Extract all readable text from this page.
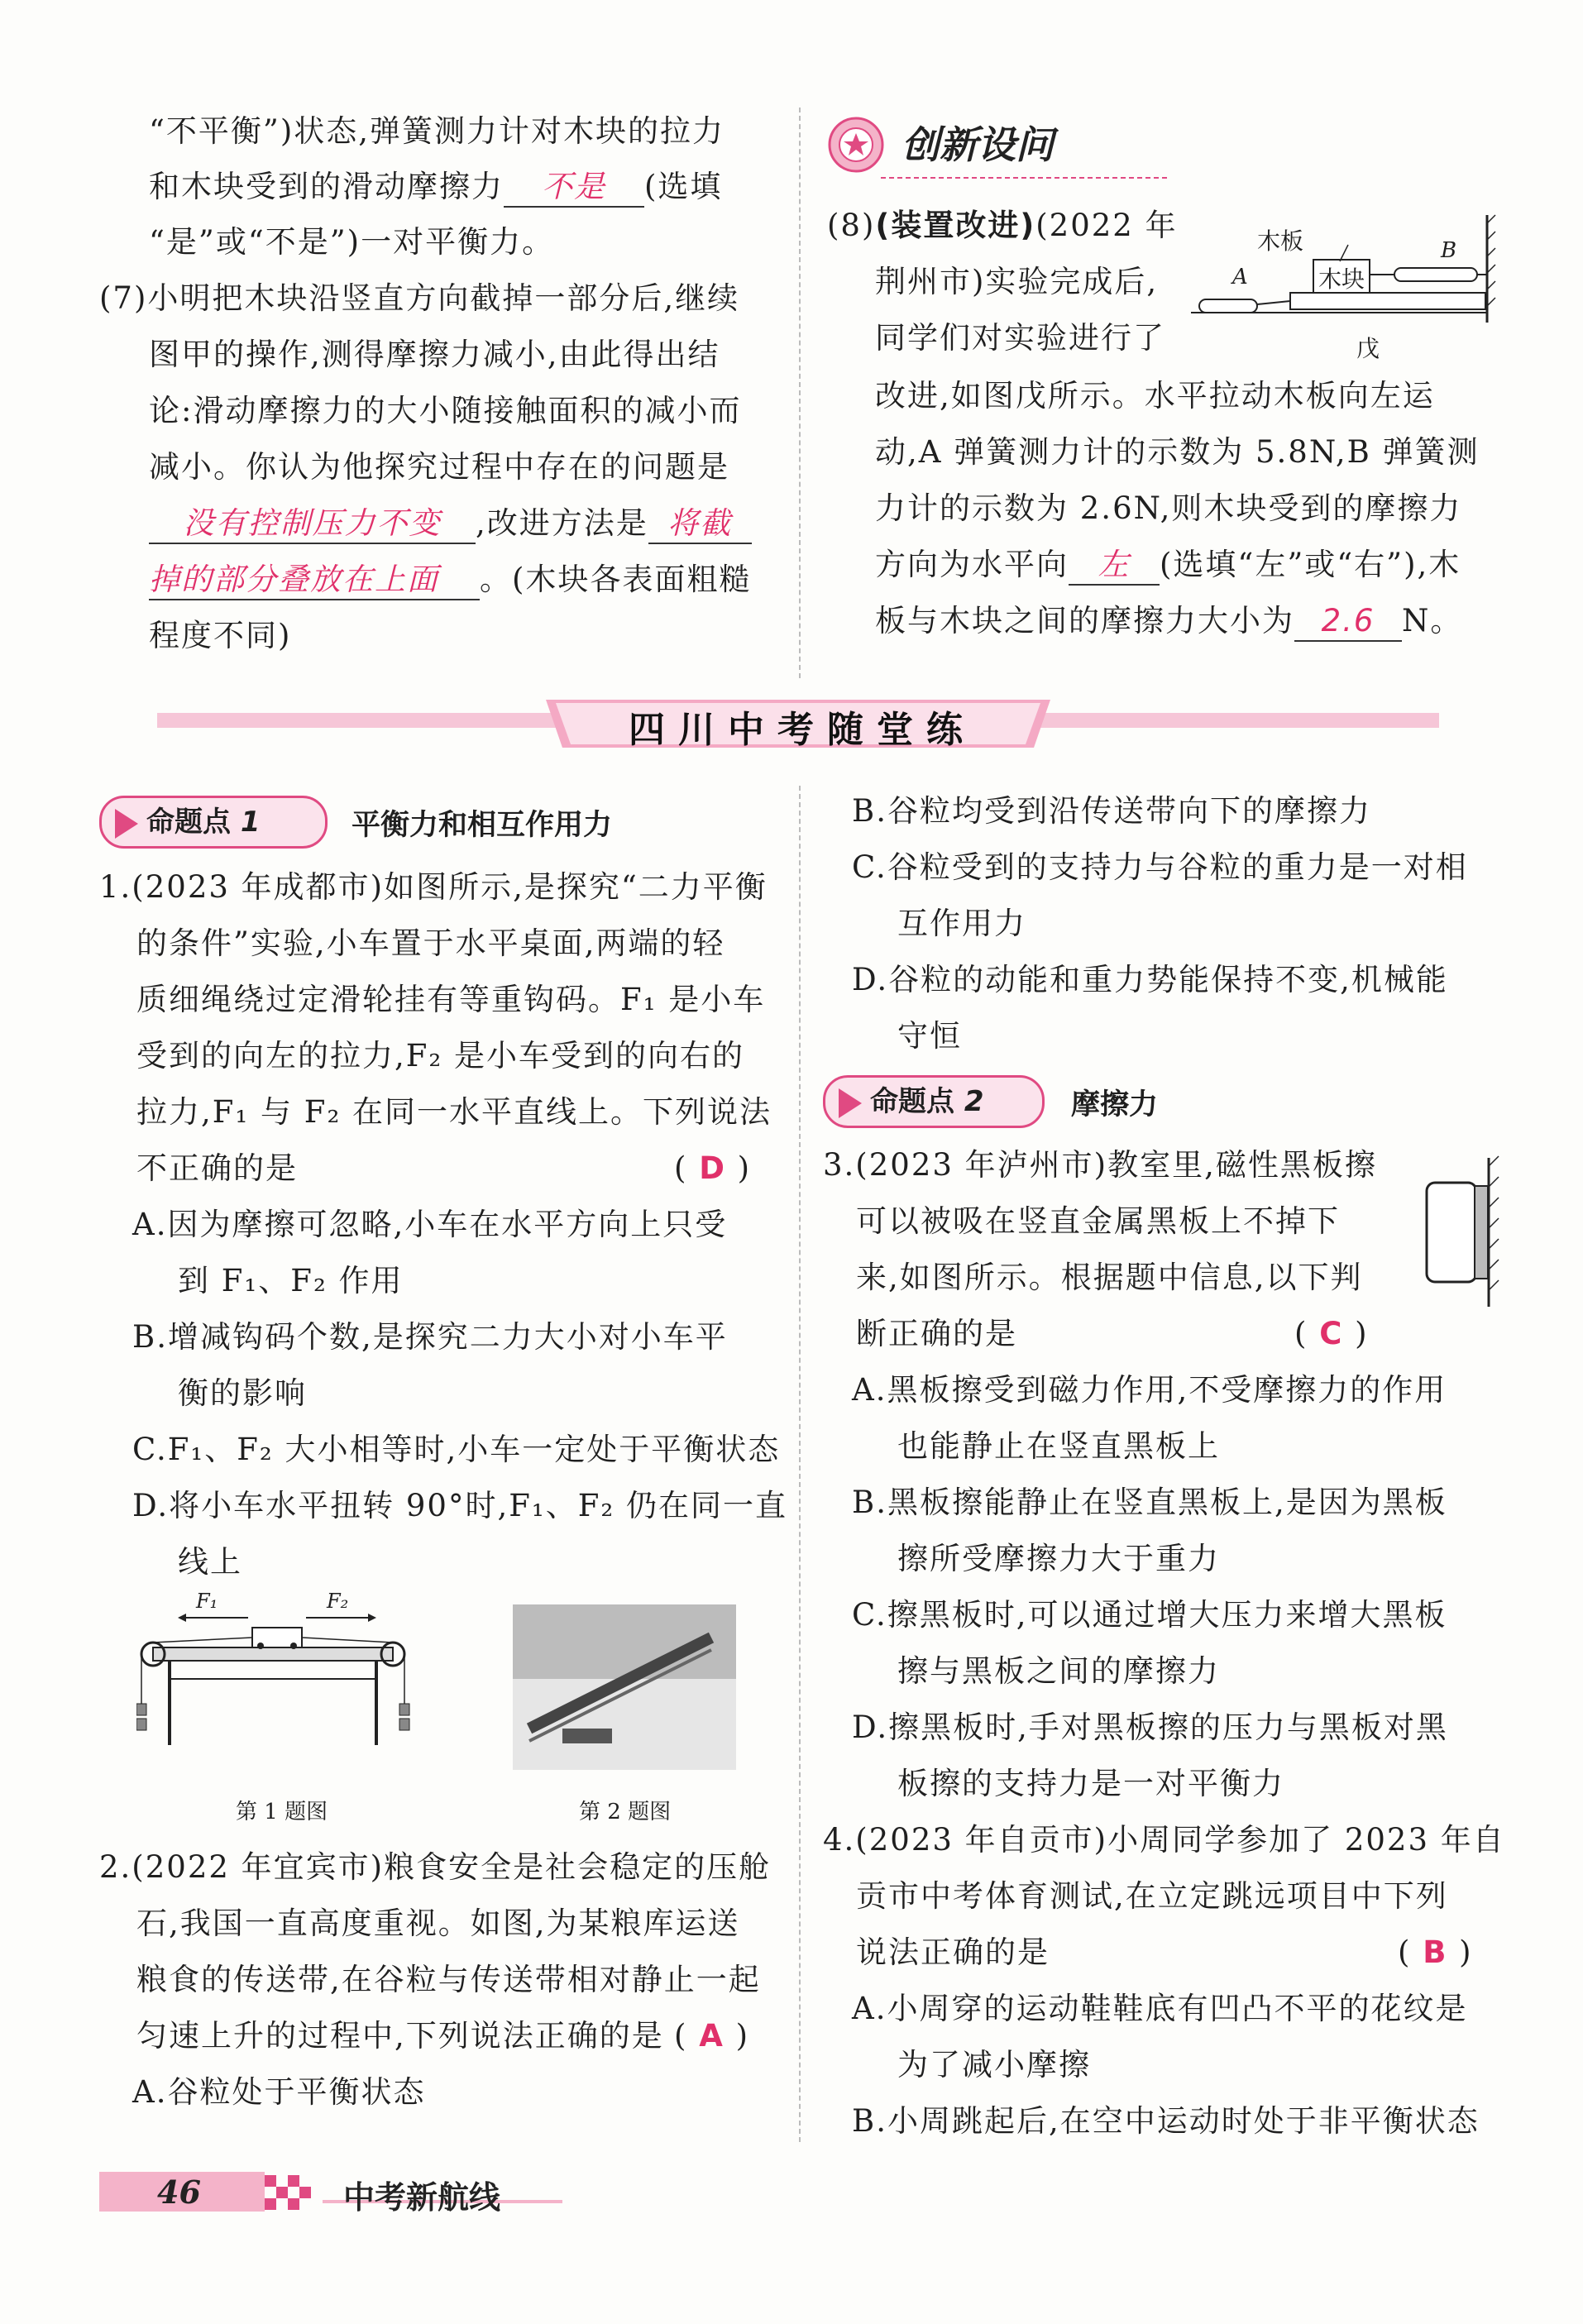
“不平衡”)状态,弹簧测力计对木块的拉力
和木块受到的滑动摩擦力 不是 (选填
“是”或“不是”)一对平衡力。
(7)小明把木块沿竖直方向截掉一部分后,继续
图甲的操作,测得摩擦力减小,由此得出结
论:滑动摩擦力的大小随接触面积的减小而
减小。你认为他探究过程中存在的问题是
没有控制压力不变 ,改进方法是 将截
掉的部分叠放在上面 。(木块各表面粗糙
程度不同)
创新设问
(8)(装置改进)(2022 年
荆州市)实验完成后,
同学们对实验进行了
木板
木块
A
B
戊
改进,如图戊所示。水平拉动木板向左运
动,A 弹簧测力计的示数为 5.8N,B 弹簧测
力计的示数为 2.6N,则木块受到的摩擦力
方向为水平向 左 (选填“左”或“右”),木
板与木块之间的摩擦力大小为 2.6 N。
四川中考随堂练
命题点 1	平衡力和相互作用力
1.(2023 年成都市)如图所示,是探究“二力平衡
的条件”实验,小车置于水平桌面,两端的轻
质细绳绕过定滑轮挂有等重钩码。F₁ 是小车
受到的向左的拉力,F₂ 是小车受到的向右的
拉力,F₁ 与 F₂ 在同一水平直线上。下列说法
不正确的是	( D )
A.因为摩擦可忽略,小车在水平方向上只受
到 F₁、F₂ 作用
B.增减钩码个数,是探究二力大小对小车平
衡的影响
C.F₁、F₂ 大小相等时,小车一定处于平衡状态
D.将小车水平扭转 90°时,F₁、F₂ 仍在同一直
线上
F₁	F₂
第 1 题图	第 2 题图
2.(2022 年宜宾市)粮食安全是社会稳定的压舱
石,我国一直高度重视。如图,为某粮库运送
粮食的传送带,在谷粒与传送带相对静止一起
匀速上升的过程中,下列说法正确的是 ( A )
A.谷粒处于平衡状态
B.谷粒均受到沿传送带向下的摩擦力
C.谷粒受到的支持力与谷粒的重力是一对相
互作用力
D.谷粒的动能和重力势能保持不变,机械能
守恒
命题点 2	摩擦力
3.(2023 年泸州市)教室里,磁性黑板擦
可以被吸在竖直金属黑板上不掉下
来,如图所示。根据题中信息,以下判
断正确的是	( C )
A.黑板擦受到磁力作用,不受摩擦力的作用
也能静止在竖直黑板上
B.黑板擦能静止在竖直黑板上,是因为黑板
擦所受摩擦力大于重力
C.擦黑板时,可以通过增大压力来增大黑板
擦与黑板之间的摩擦力
D.擦黑板时,手对黑板擦的压力与黑板对黑
板擦的支持力是一对平衡力
4.(2023 年自贡市)小周同学参加了 2023 年自
贡市中考体育测试,在立定跳远项目中下列
说法正确的是	( B )
A.小周穿的运动鞋鞋底有凹凸不平的花纹是
为了减小摩擦
B.小周跳起后,在空中运动时处于非平衡状态
46	中考新航线
